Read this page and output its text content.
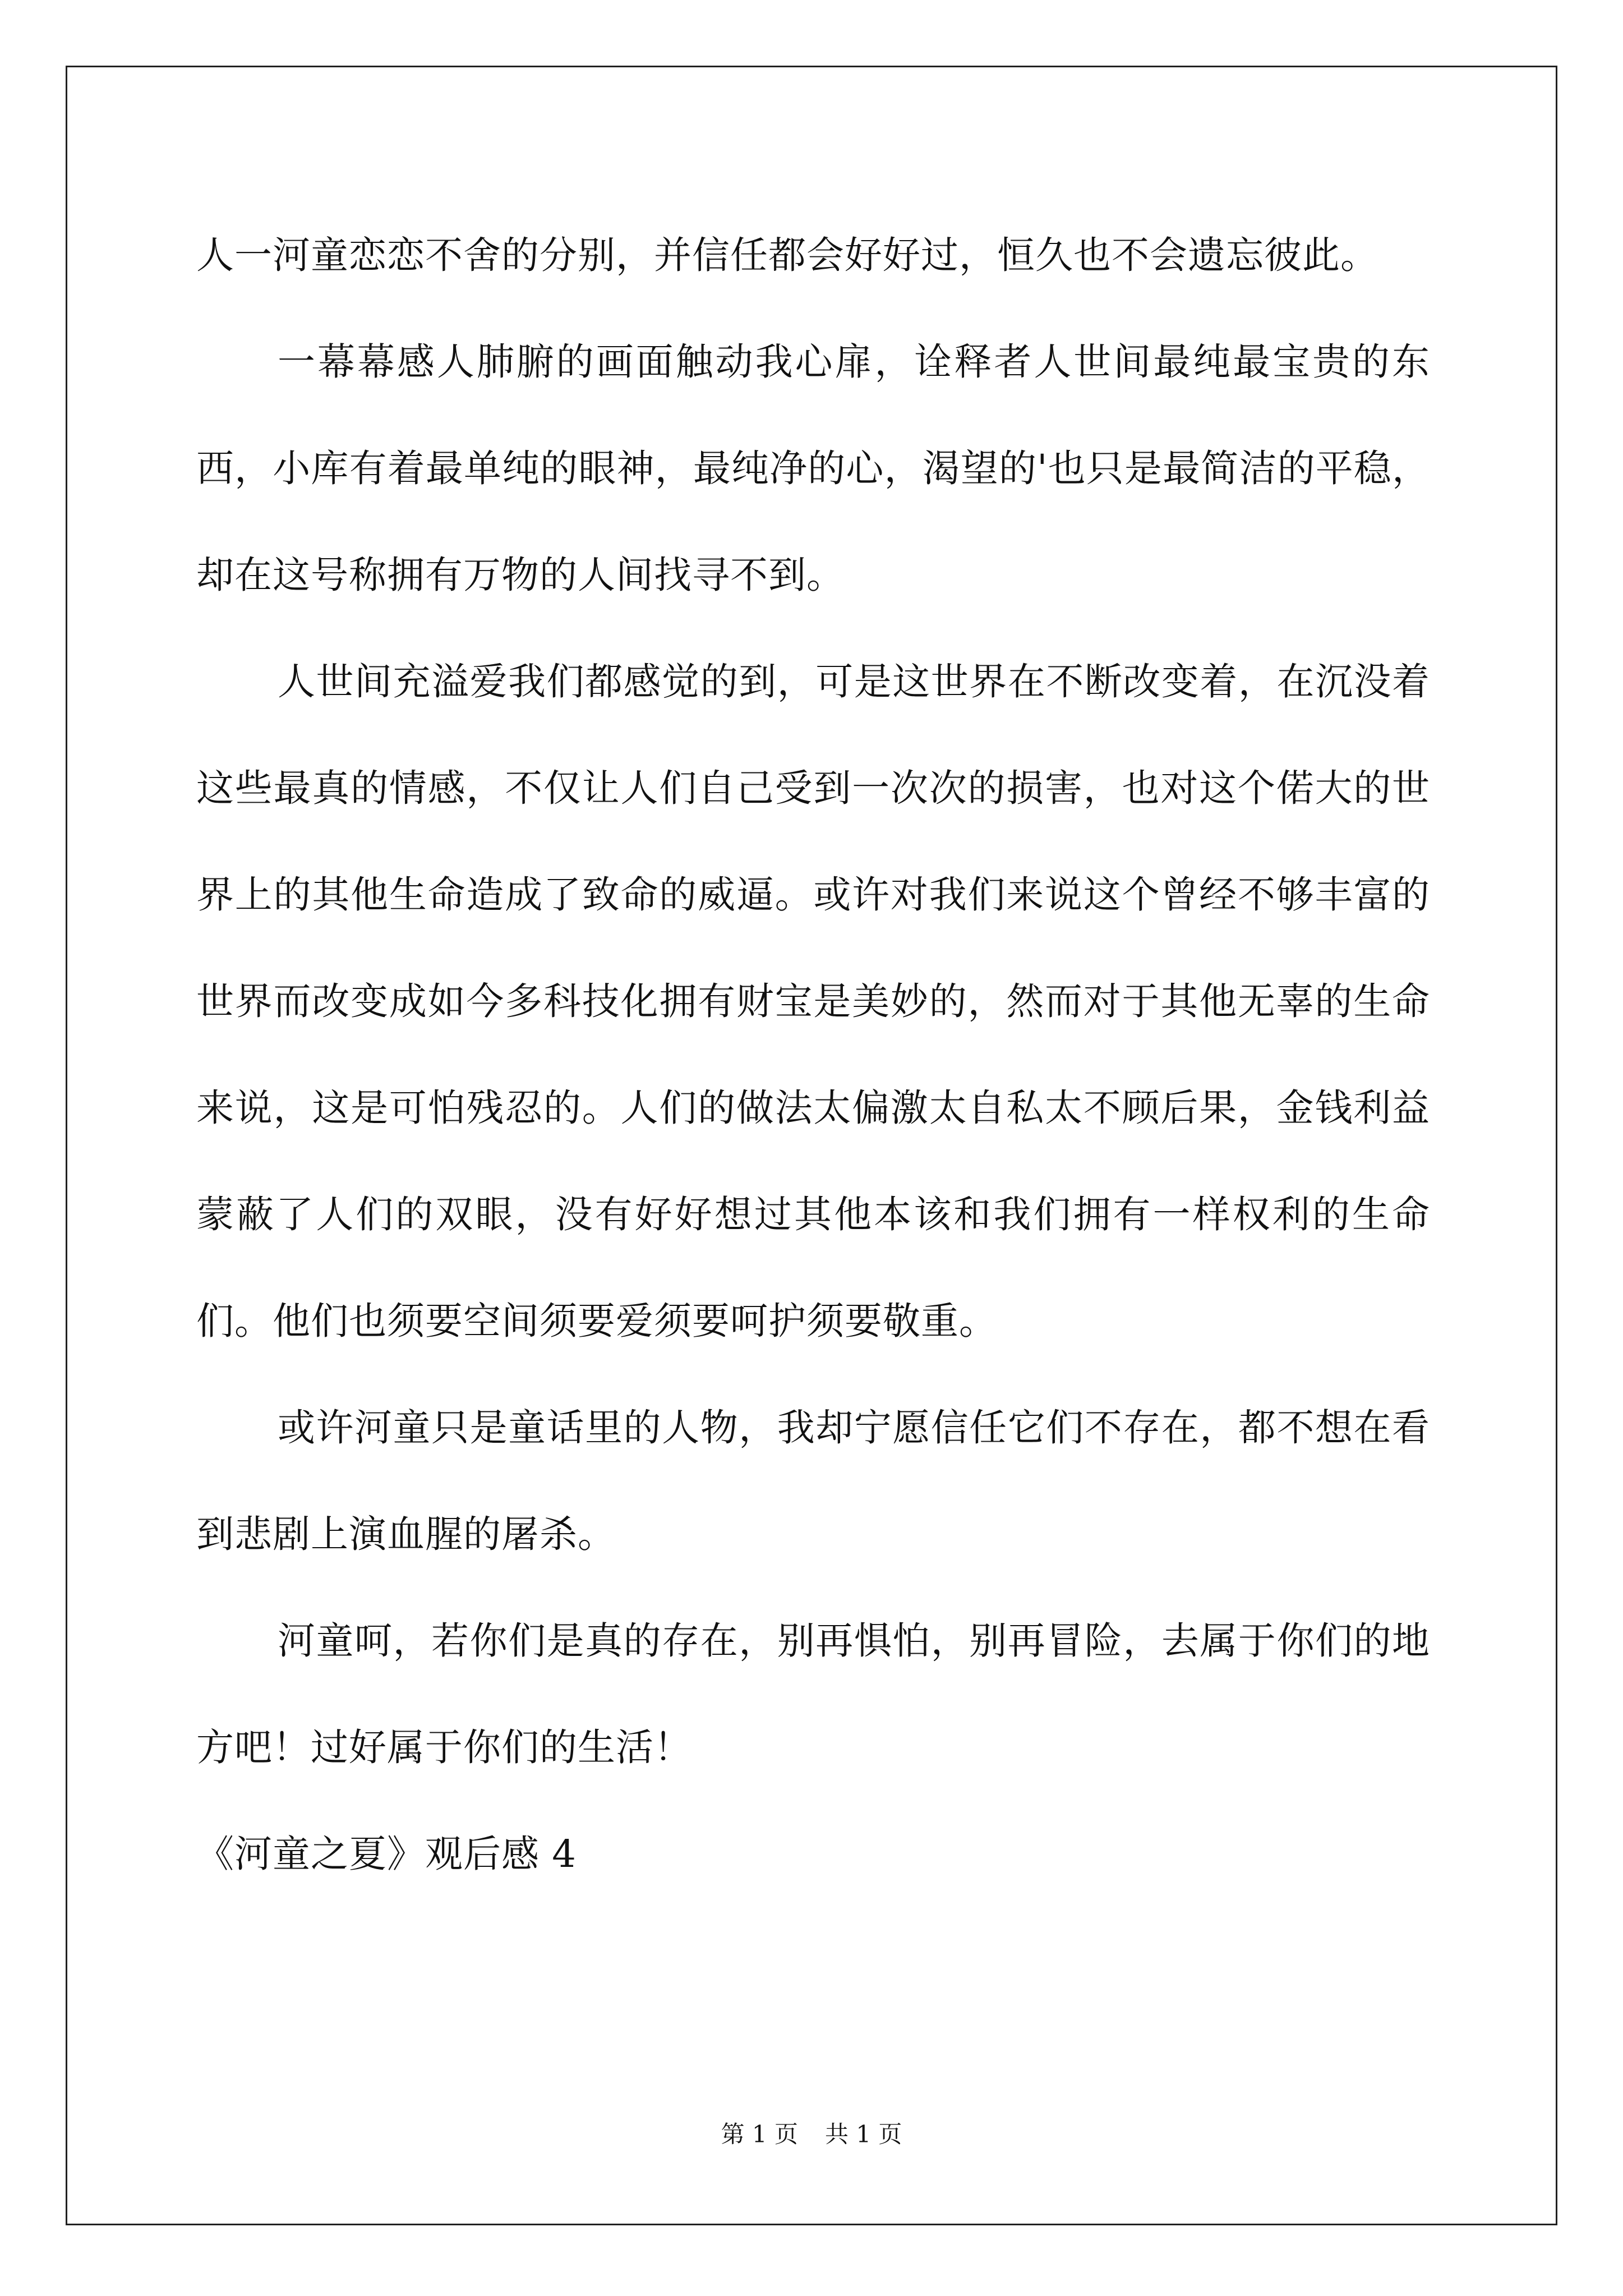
人一河童恋恋不舍的分别，并信任都会好好过，恒久也不会遗忘彼此。

一幕幕感人肺腑的画面触动我心扉，诠释者人世间最纯最宝贵的东西，小库有着最单纯的眼神，最纯净的心，渴望的'也只是最简洁的平稳，却在这号称拥有万物的人间找寻不到。

人世间充溢爱我们都感觉的到，可是这世界在不断改变着，在沉没着这些最真的情感，不仅让人们自己受到一次次的损害，也对这个偌大的世界上的其他生命造成了致命的威逼。或许对我们来说这个曾经不够丰富的世界而改变成如今多科技化拥有财宝是美妙的，然而对于其他无辜的生命来说，这是可怕残忍的。人们的做法太偏激太自私太不顾后果，金钱利益蒙蔽了人们的双眼，没有好好想过其他本该和我们拥有一样权利的生命们。他们也须要空间须要爱须要呵护须要敬重。

或许河童只是童话里的人物，我却宁愿信任它们不存在，都不想在看到悲剧上演血腥的屠杀。

河童呵，若你们是真的存在，别再惧怕，别再冒险，去属于你们的地方吧！过好属于你们的生活！

《河童之夏》观后感 4

第 1 页 共 1 页
